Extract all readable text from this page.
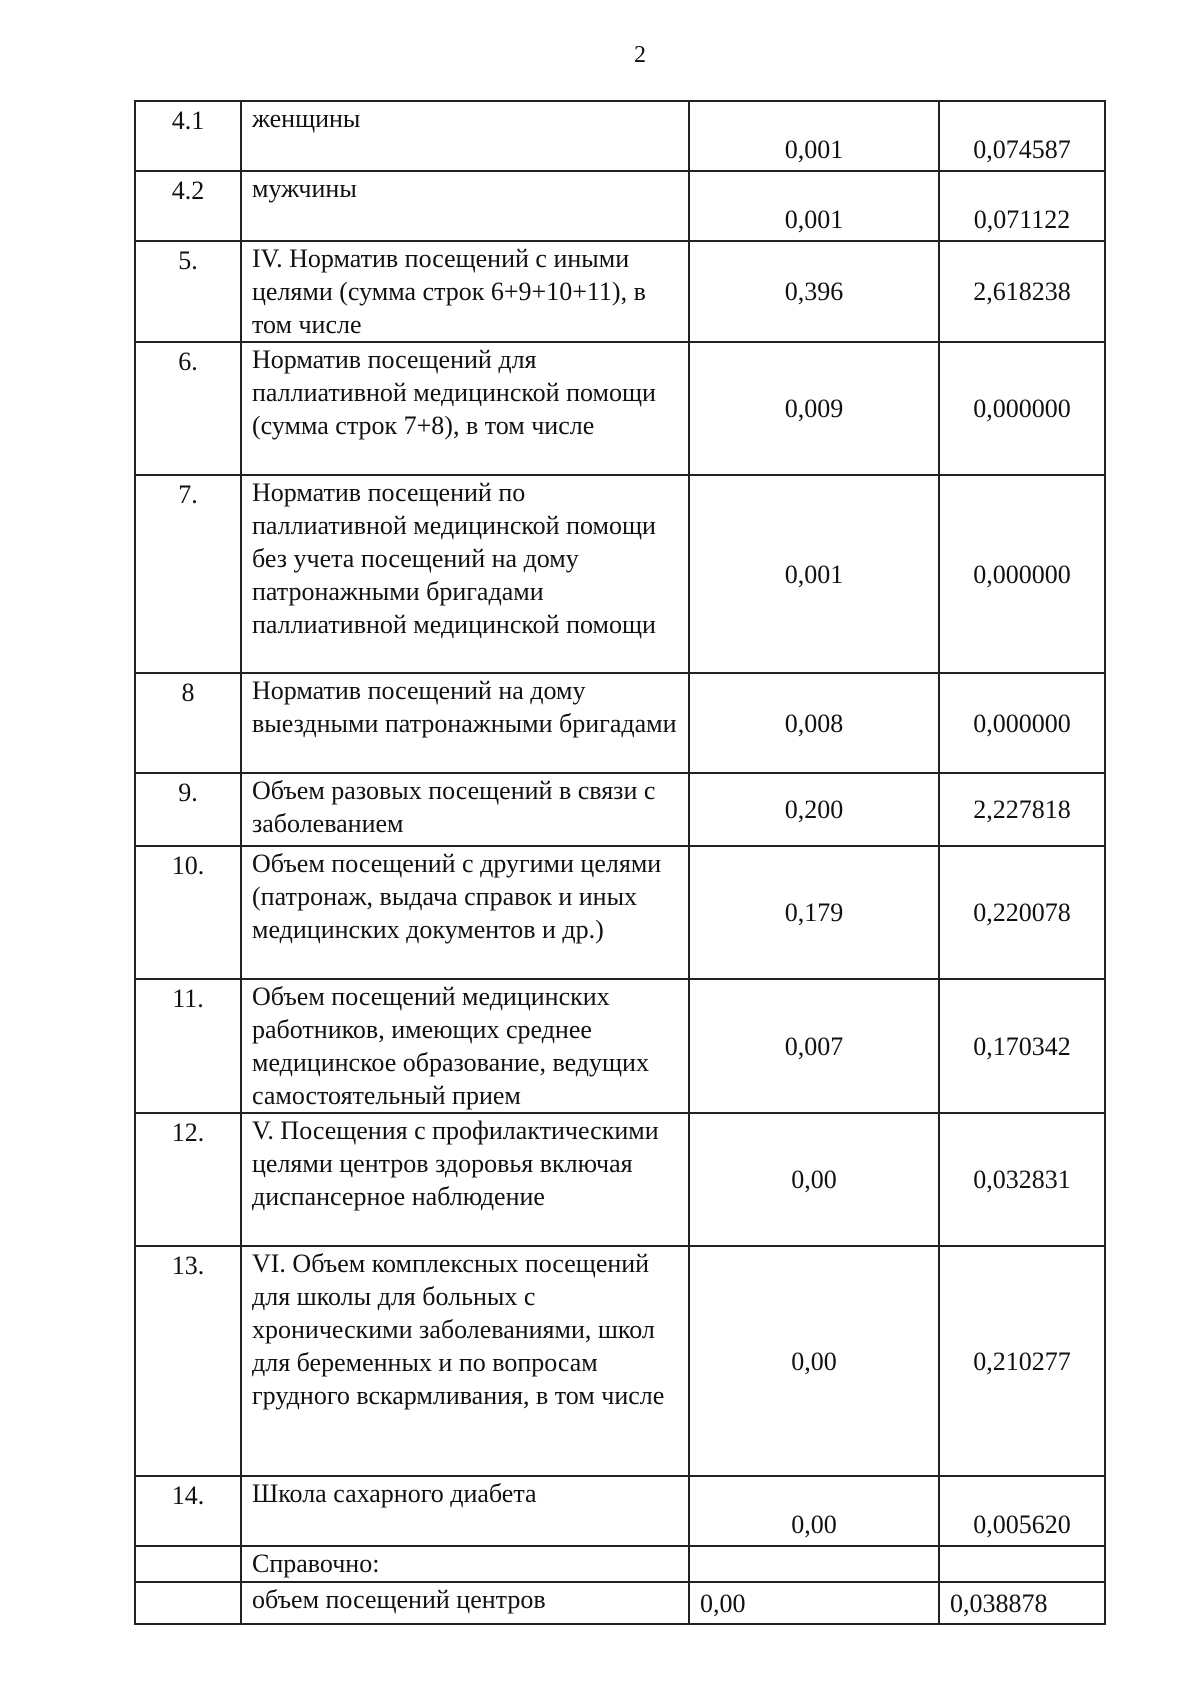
2
4.1	женщины	0,001	0,074587
4.2	мужчины	0,001	0,071122
5.	IV. Норматив посещений с иными целями (сумма строк 6+9+10+11), в том числе	0,396	2,618238
6.	Норматив посещений для паллиативной медицинской помощи (сумма строк 7+8), в том числе	0,009	0,000000
7.	Норматив посещений по паллиативной медицинской помощи без учета посещений на дому патронажными бригадами паллиативной медицинской помощи	0,001	0,000000
8	Норматив посещений на дому выездными патронажными бригадами	0,008	0,000000
9.	Объем разовых посещений в связи с заболеванием	0,200	2,227818
10.	Объем посещений с другими целями (патронаж, выдача справок и иных медицинских документов и др.)	0,179	0,220078
11.	Объем посещений медицинских работников, имеющих среднее медицинское образование, ведущих самостоятельный прием	0,007	0,170342
12.	V. Посещения с профилактическими целями центров здоровья включая диспансерное наблюдение	0,00	0,032831
13.	VI. Объем комплексных посещений для школы для больных с хроническими заболеваниями, школ для беременных и по вопросам грудного вскармливания, в том числе	0,00	0,210277
14.	Школа сахарного диабета	0,00	0,005620
	Справочно:		
	объем посещений центров	0,00	0,038878
